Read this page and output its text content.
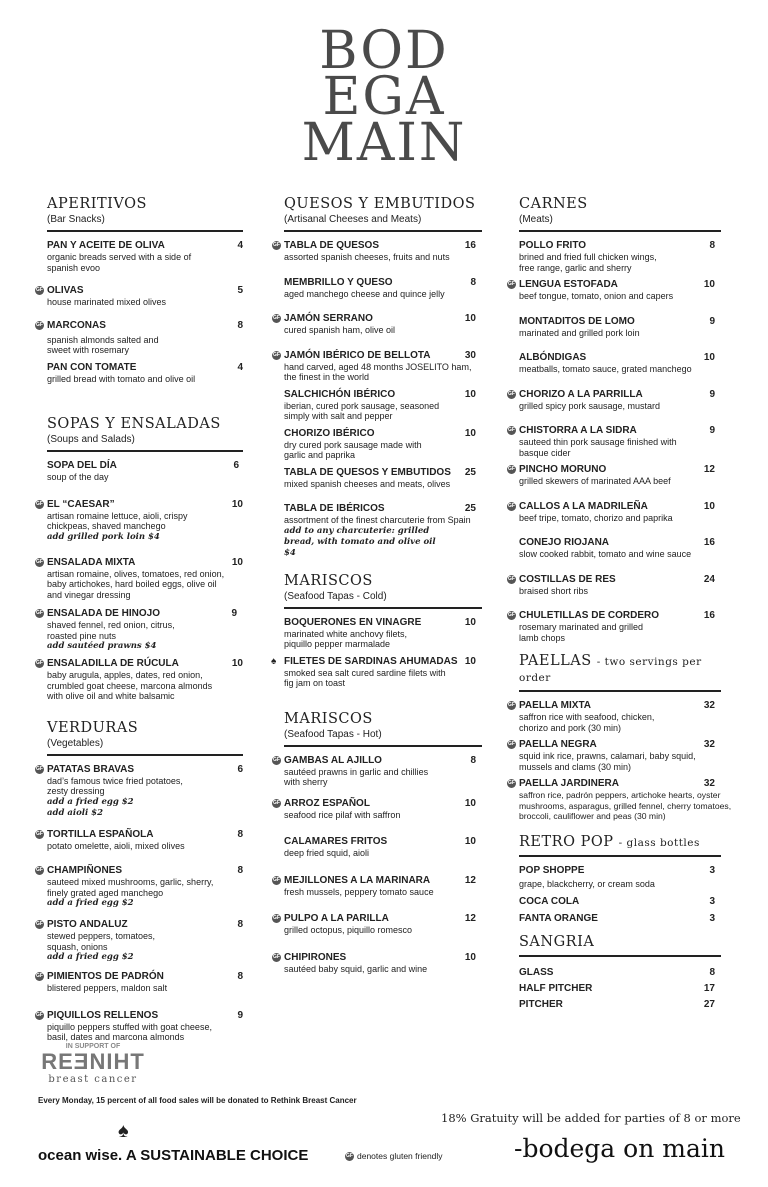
BOD
EGA
MAIN
APERITIVOS
(Bar Snacks)
PAN Y ACEITE DE OLIVA	4
organic breads served with a side of spanish evoo
GF OLIVAS	5
house marinated mixed olives
GF MARCONAS	8
spanish almonds salted and sweet with rosemary
PAN CON TOMATE	4
grilled bread with tomato and olive oil
SOPAS Y ENSALADAS
(Soups and Salads)
SOPA DEL DÍA	6
soup of the day
GF EL “CAESAR”	10
artisan romaine lettuce, aioli, crispy chickpeas, shaved manchego
add grilled pork loin $4
GF ENSALADA MIXTA	10
artisan romaine, olives, tomatoes, red onion, baby artichokes, hard boiled eggs, olive oil and vinegar dressing
GF ENSALADA DE HINOJO	9
shaved fennel, red onion, citrus, roasted pine nuts
add sautéed prawns $4
GF ENSALADILLA DE RÚCULA	10
baby arugula, apples, dates, red onion, crumbled goat cheese, marcona almonds with olive oil and white balsamic
VERDURAS
(Vegetables)
GF PATATAS BRAVAS	6
dad’s famous twice fried potatoes, zesty dressing
add a fried egg $2
add aioli $2
GF TORTILLA ESPAÑOLA	8
potato omelette, aioli, mixed olives
GF CHAMPIÑONES	8
sauteed mixed mushrooms, garlic, sherry, finely grated aged manchego
add a fried egg $2
GF PISTO ANDALUZ	8
stewed peppers, tomatoes, squash, onions
add a fried egg $2
GF PIMIENTOS DE PADRÓN	8
blistered peppers, maldon salt
GF PIQUILLOS RELLENOS	9
piquillo peppers stuffed with goat cheese, basil, dates and marcona almonds
QUESOS Y EMBUTIDOS
(Artisanal Cheeses and Meats)
GF TABLA DE QUESOS	16
assorted spanish cheeses, fruits and nuts
MEMBRILLO Y QUESO	8
aged manchego cheese and quince jelly
GF JAMÓN SERRANO	10
cured spanish ham, olive oil
GF JAMÓN IBÉRICO DE BELLOTA	30
hand carved, aged 48 months JOSELITO ham, the finest in the world
SALCHICHÓN IBÉRICO	10
iberian, cured pork sausage, seasoned simply with salt and pepper
CHORIZO IBÉRICO	10
dry cured pork sausage made with garlic and paprika
TABLA DE QUESOS Y EMBUTIDOS	25
mixed spanish cheeses and meats, olives
TABLA DE IBÉRICOS	25
assortment of the finest charcuterie from Spain
add to any charcuterie: grilled bread, with tomato and olive oil $4
MARISCOS
(Seafood Tapas - Cold)
BOQUERONES EN VINAGRE	10
marinated white anchovy filets, piquillo pepper marmalade
♠ FILETES DE SARDINAS AHUMADAS 10
smoked sea salt cured sardine filets with fig jam on toast
MARISCOS
(Seafood Tapas - Hot)
GF GAMBAS AL AJILLO	8
sautéed prawns in garlic and chillies with sherry
GF ARROZ ESPAÑOL	10
seafood rice pilaf with saffron
CALAMARES FRITOS	10
deep fried squid, aioli
GF MEJILLONES A LA MARINARA	12
fresh mussels, peppery tomato sauce
GF PULPO A LA PARILLA	12
grilled octopus, piquillo romesco
GF CHIPIRONES	10
sautéed baby squid, garlic and wine
CARNES
(Meats)
POLLO FRITO	8
brined and fried full chicken wings, free range, garlic and sherry
GF LENGUA ESTOFADA	10
beef tongue, tomato, onion and capers
MONTADITOS DE LOMO	9
marinated and grilled pork loin
ALBÓNDIGAS	10
meatballs, tomato sauce, grated manchego
GF CHORIZO A LA PARRILLA	9
grilled spicy pork sausage, mustard
GF CHISTORRA A LA SIDRA	9
sauteed thin pork sausage finished with basque cider
GF PINCHO MORUNO	12
grilled skewers of marinated AAA beef
GF CALLOS A LA MADRILEÑA	10
beef tripe, tomato, chorizo and paprika
CONEJO RIOJANA	16
slow cooked rabbit, tomato and wine sauce
GF COSTILLAS DE RES	24
braised short ribs
GF CHULETILLAS DE CORDERO	16
rosemary marinated and grilled lamb chops
PAELLAS - two servings per order
GF PAELLA MIXTA	32
saffron rice with seafood, chicken, chorizo and pork (30 min)
GF PAELLA NEGRA	32
squid ink rice, prawns, calamari, baby squid, mussels and clams (30 min)
GF PAELLA JARDINERA	32
saffron rice, padrón peppers, artichoke hearts, oyster mushrooms, asparagus, grilled fennel, cherry tomatoes, broccoli, cauliflower and peas (30 min)
RETRO POP - glass bottles
POP SHOPPE	3
grape, blackcherry, or cream soda
COCA COLA	3
FANTA ORANGE	3
SANGRIA
GLASS	8
HALF PITCHER	17
PITCHER	27
IN SUPPORT OF
REƎNIHT
breast cancer
Every Monday, 15 percent of all food sales will be donated to Rethink Breast Cancer
18% Gratuity will be added for parties of 8 or more
♠
ocean wise. A SUSTAINABLE CHOICE	GF denotes gluten friendly	-bodega on main
